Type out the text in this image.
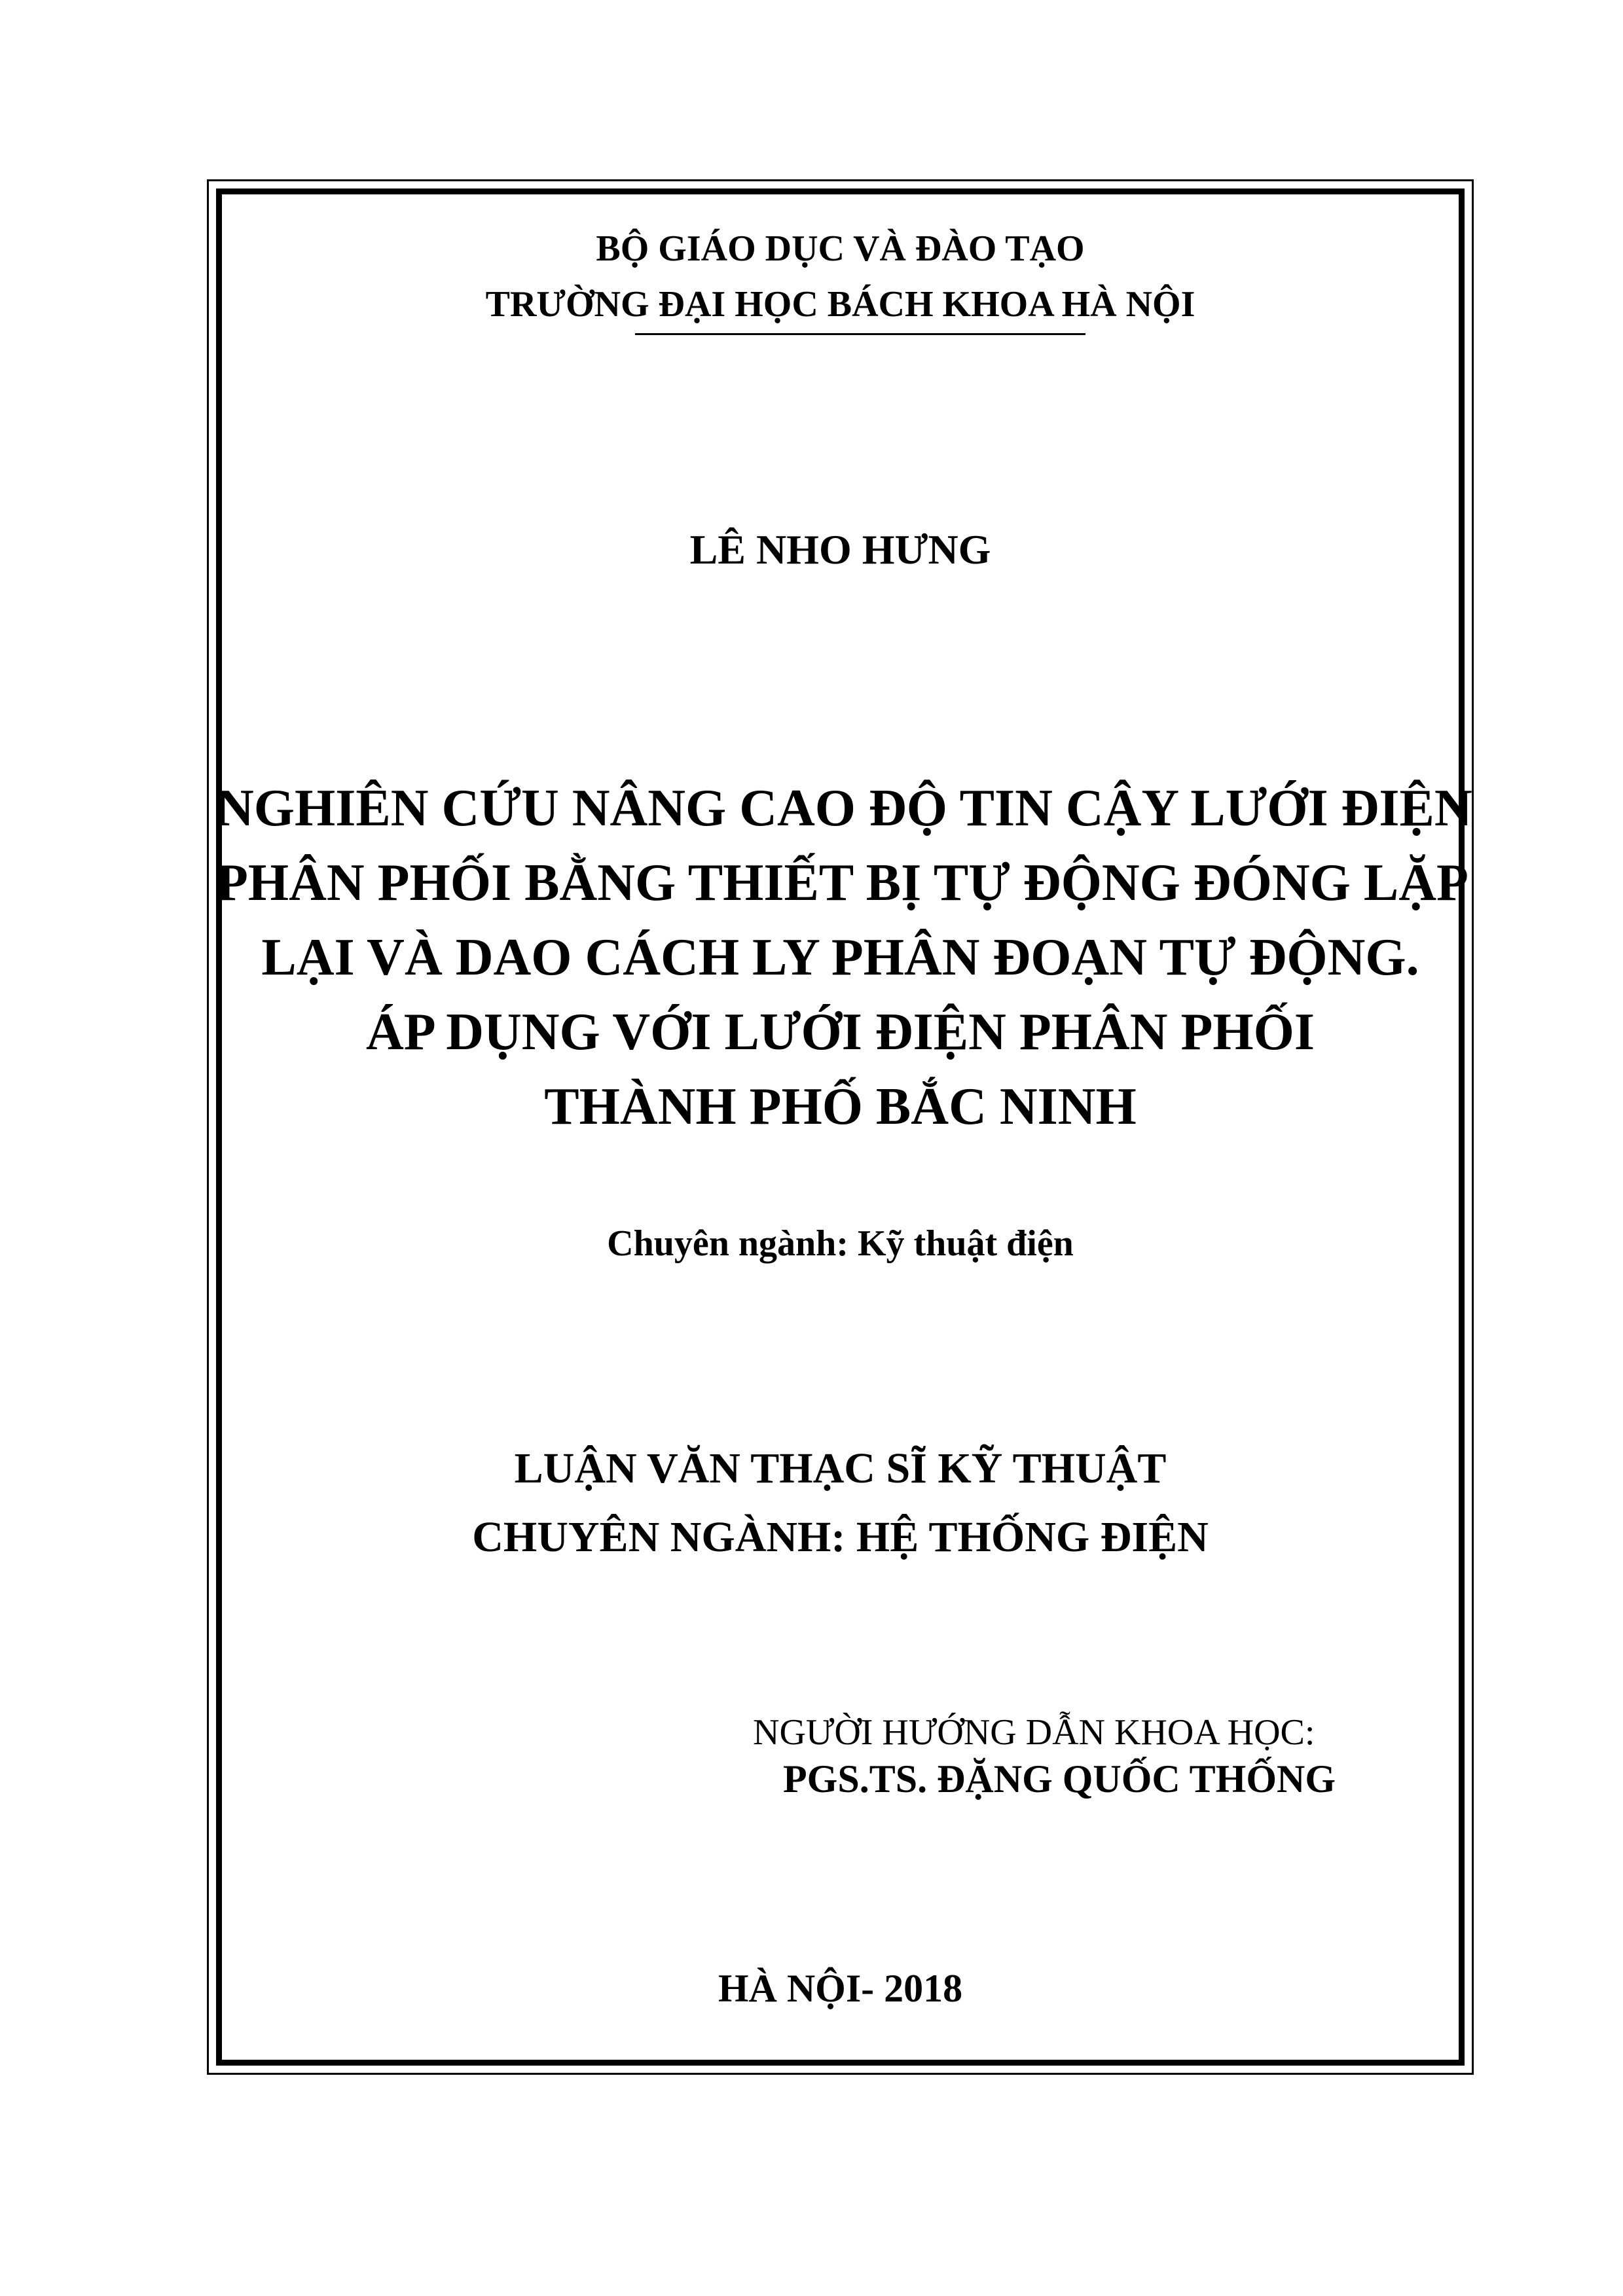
BỘ GIÁO DỤC VÀ ĐÀO TẠO
TRƯỜNG ĐẠI HỌC BÁCH KHOA HÀ NỘI
LÊ NHO HƯNG
NGHIÊN CỨU NÂNG CAO ĐỘ TIN CẬY LƯỚI ĐIỆN
PHÂN PHỐI BẰNG THIẾT BỊ TỰ ĐỘNG ĐÓNG LẶP
LẠI VÀ DAO CÁCH LY PHÂN ĐOẠN TỰ ĐỘNG.
ÁP DỤNG VỚI LƯỚI ĐIỆN PHÂN PHỐI
THÀNH PHỐ BẮC NINH
Chuyên ngành: Kỹ thuật điện
LUẬN VĂN THẠC SĨ KỸ THUẬT
CHUYÊN NGÀNH: HỆ THỐNG ĐIỆN
NGƯỜI HƯỚNG DẪN KHOA HỌC:
PGS.TS. ĐẶNG QUỐC THỐNG
HÀ NỘI- 2018
